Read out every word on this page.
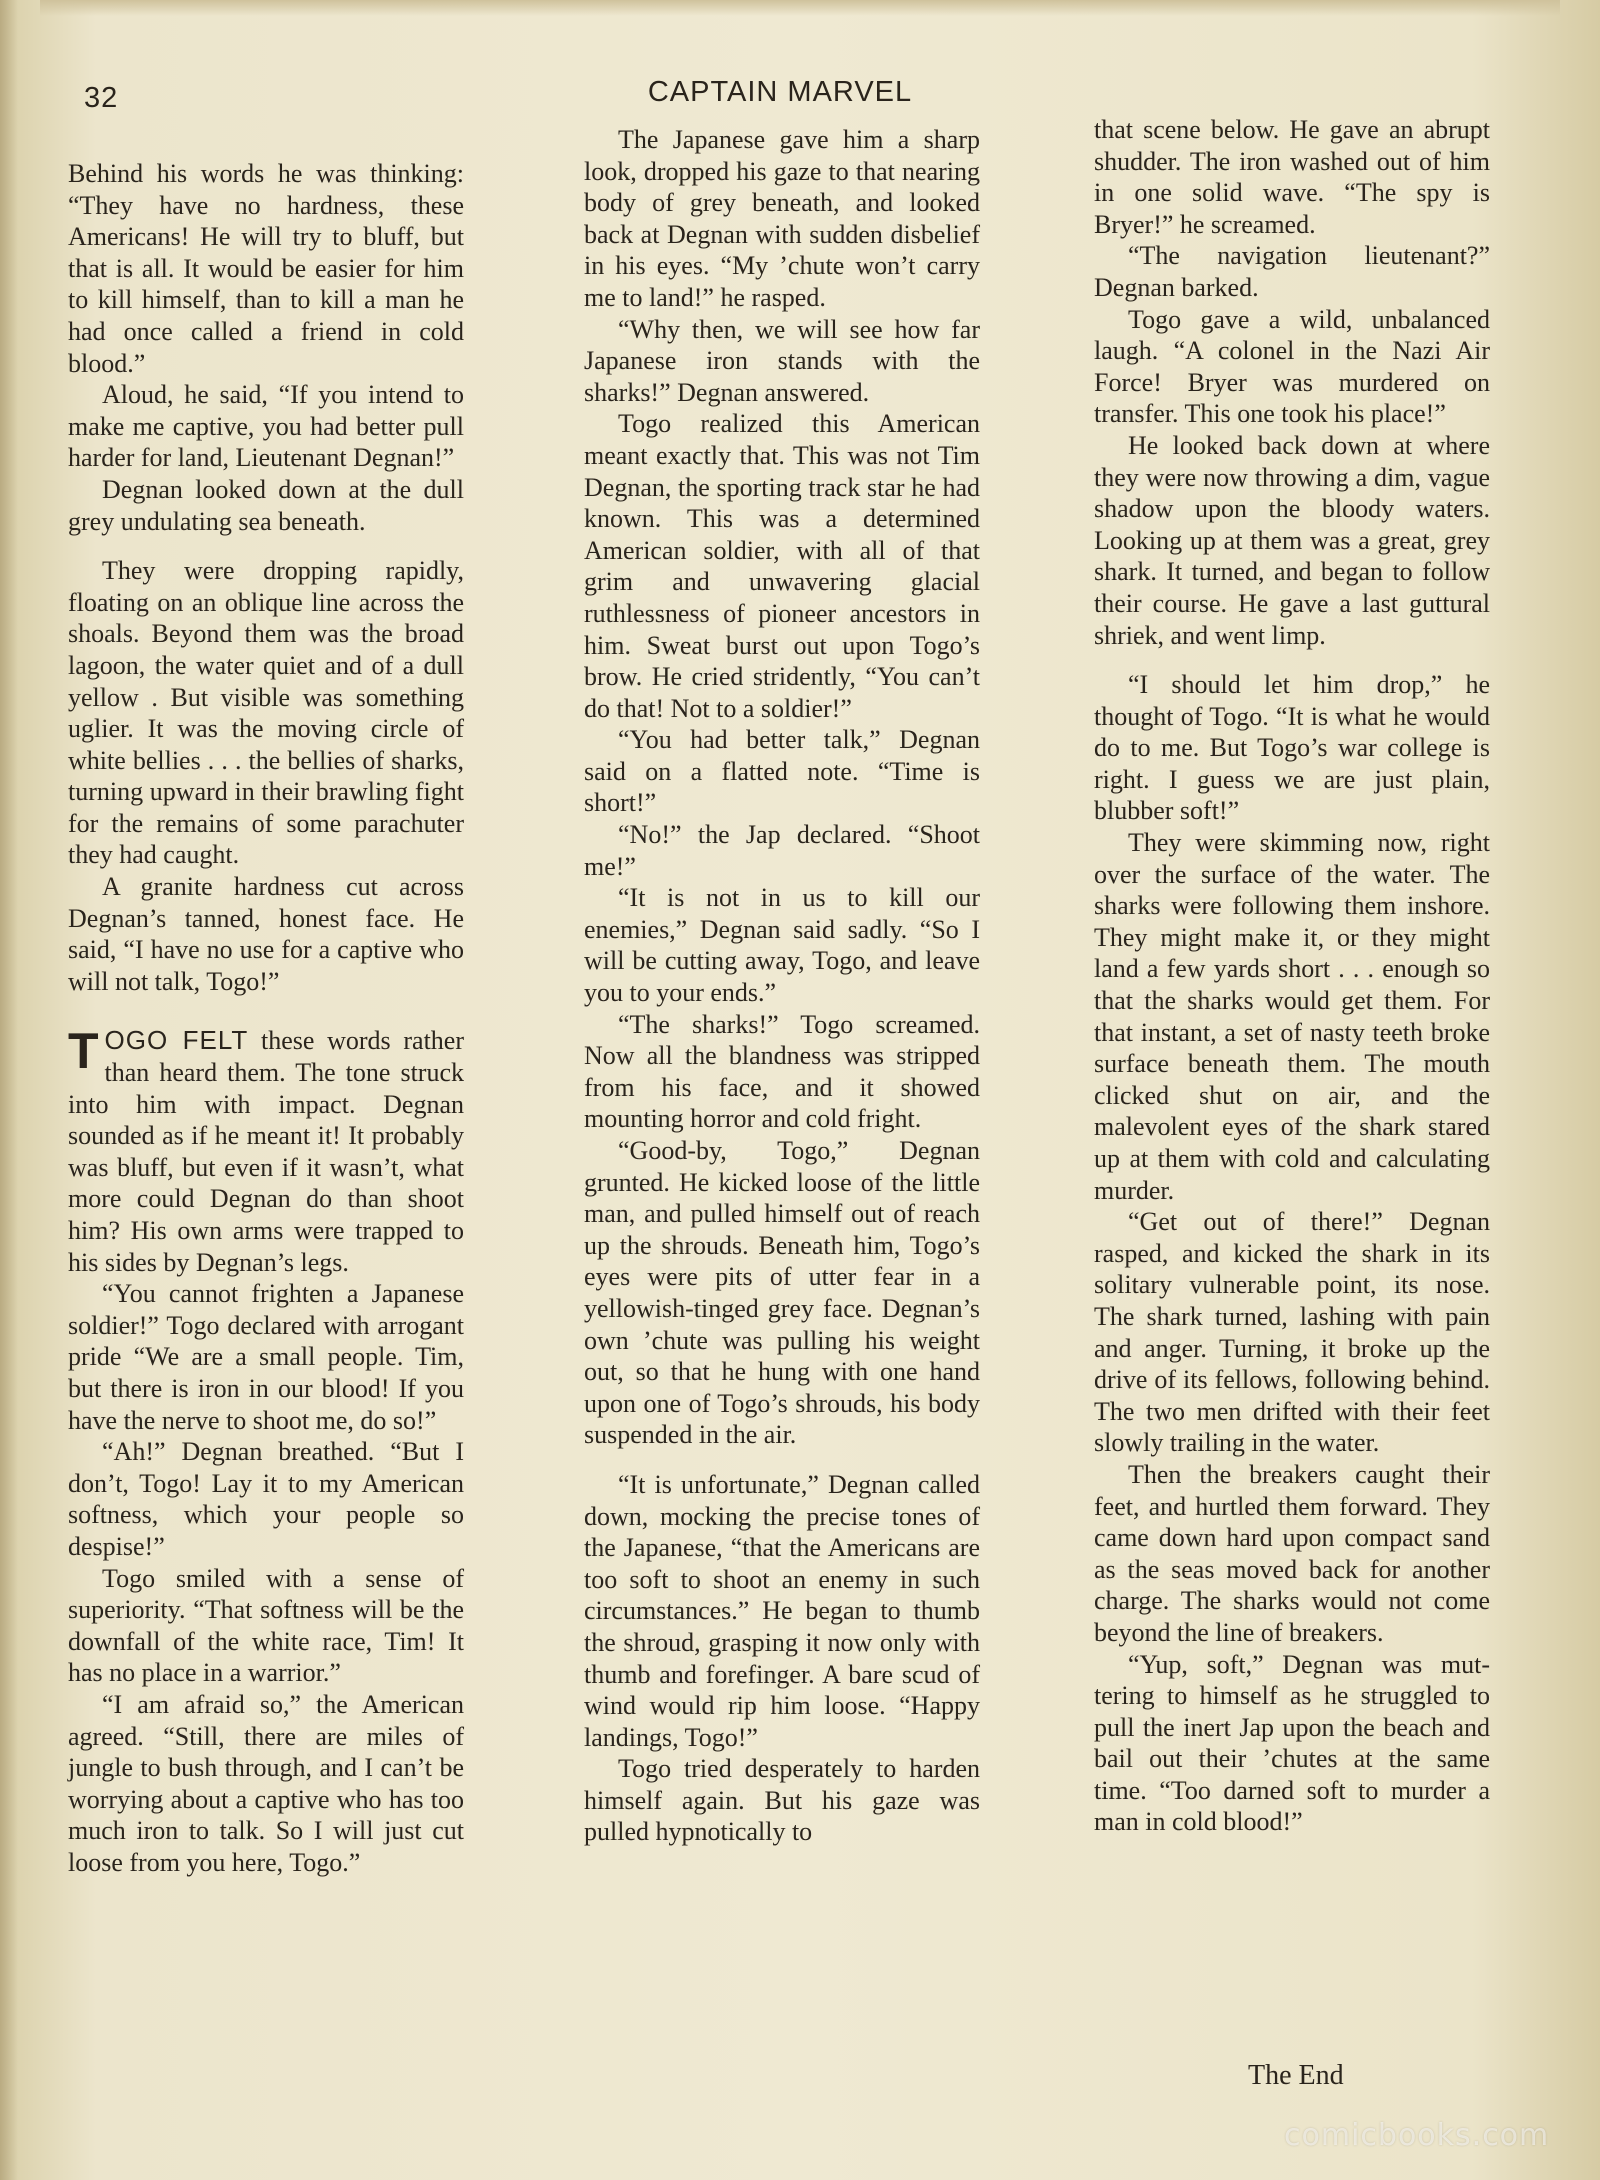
32	CAPTAIN MARVEL

Behind his words he was thinking: “They have no hardness, these Americans! He will try to bluff, but that is all. It would be easier for him to kill himself, than to kill a man he had once called a friend in cold blood.”

Aloud, he said, “If you intend to make me captive, you had better pull harder for land, Lieutenant Degnan!”

Degnan looked down at the dull grey undulating sea beneath.

They were dropping rapidly, floating on an oblique line across the shoals. Beyond them was the broad lagoon, the water quiet and of a dull yellow . But visible was something uglier. It was the moving circle of white bellies . . . the bellies of sharks, turning upward in their brawling fight for the remains of some parachuter they had caught.

A granite hardness cut across Degnan’s tanned, honest face. He said, “I have no use for a captive who will not talk, Togo!”

TOGO FELT these words rather than heard them. The tone struck into him with impact. Degnan sounded as if he meant it! It probably was bluff, but even if it wasn’t, what more could Degnan do than shoot him? His own arms were trapped to his sides by Degnan’s legs.

“You cannot frighten a Japanese soldier!” Togo declared with arrogant pride “We are a small people. Tim, but there is iron in our blood! If you have the nerve to shoot me, do so!”

“Ah!” Degnan breathed. “But I don’t, Togo! Lay it to my American softness, which your people so despise!”

Togo smiled with a sense of superiority. “That softness will be the downfall of the white race, Tim! It has no place in a warrior.”

“I am afraid so,” the American agreed. “Still, there are miles of jungle to bush through, and I can’t be worrying about a captive who has too much iron to talk. So I will just cut loose from you here, Togo.”

The Japanese gave him a sharp look, dropped his gaze to that nearing body of grey beneath, and looked back at Degnan with sudden disbelief in his eyes. “My ’chute won’t carry me to land!” he rasped.

“Why then, we will see how far Japanese iron stands with the sharks!” Degnan answered.

Togo realized this American meant exactly that. This was not Tim Degnan, the sporting track star he had known. This was a determined American soldier, with all of that grim and unwavering glacial ruthlessness of pioneer ancestors in him. Sweat burst out upon Togo’s brow. He cried stridently, “You can’t do that! Not to a soldier!”

“You had better talk,” Degnan said on a flatted note. “Time is short!”

“No!” the Jap declared. “Shoot me!”

“It is not in us to kill our enemies,” Degnan said sadly. “So I will be cutting away, Togo, and leave you to your ends.”

“The sharks!” Togo screamed. Now all the blandness was stripped from his face, and it showed mounting horror and cold fright.

“Good-by, Togo,” Degnan grunted. He kicked loose of the little man, and pulled himself out of reach up the shrouds. Beneath him, Togo’s eyes were pits of utter fear in a yellowish-tinged grey face. Degnan’s own ’chute was pulling his weight out, so that he hung with one hand upon one of Togo’s shrouds, his body suspended in the air.

“It is unfortunate,” Degnan called down, mocking the precise tones of the Japanese, “that the Americans are too soft to shoot an enemy in such circumstances.” He began to thumb the shroud, grasping it now only with thumb and forefinger. A bare scud of wind would rip him loose. “Happy landings, Togo!”

Togo tried desperately to harden himself again. But his gaze was pulled hypnotically to

that scene below. He gave an abrupt shudder. The iron washed out of him in one solid wave. “The spy is Bryer!” he screamed.

“The navigation lieutenant?” Degnan barked.

Togo gave a wild, unbalanced laugh. “A colonel in the Nazi Air Force! Bryer was murdered on transfer. This one took his place!”

He looked back down at where they were now throwing a dim, vague shadow upon the bloody waters. Looking up at them was a great, grey shark. It turned, and began to follow their course. He gave a last guttural shriek, and went limp.

“I should let him drop,” he thought of Togo. “It is what he would do to me. But Togo’s war college is right. I guess we are just plain, blubber soft!”

They were skimming now, right over the surface of the water. The sharks were following them inshore. They might make it, or they might land a few yards short . . . enough so that the sharks would get them. For that instant, a set of nasty teeth broke surface beneath them. The mouth clicked shut on air, and the malevolent eyes of the shark stared up at them with cold and calculating murder.

“Get out of there!” Degnan rasped, and kicked the shark in its solitary vulnerable point, its nose. The shark turned, lashing with pain and anger. Turning, it broke up the drive of its fellows, following behind. The two men drifted with their feet slowly trailing in the water.

Then the breakers caught their feet, and hurtled them forward. They came down hard upon compact sand as the seas moved back for another charge. The sharks would not come beyond the line of breakers.

“Yup, soft,” Degnan was muttering to himself as he struggled to pull the inert Jap upon the beach and bail out their ’chutes at the same time. “Too darned soft to murder a man in cold blood!”

The End
comicbooks.com
